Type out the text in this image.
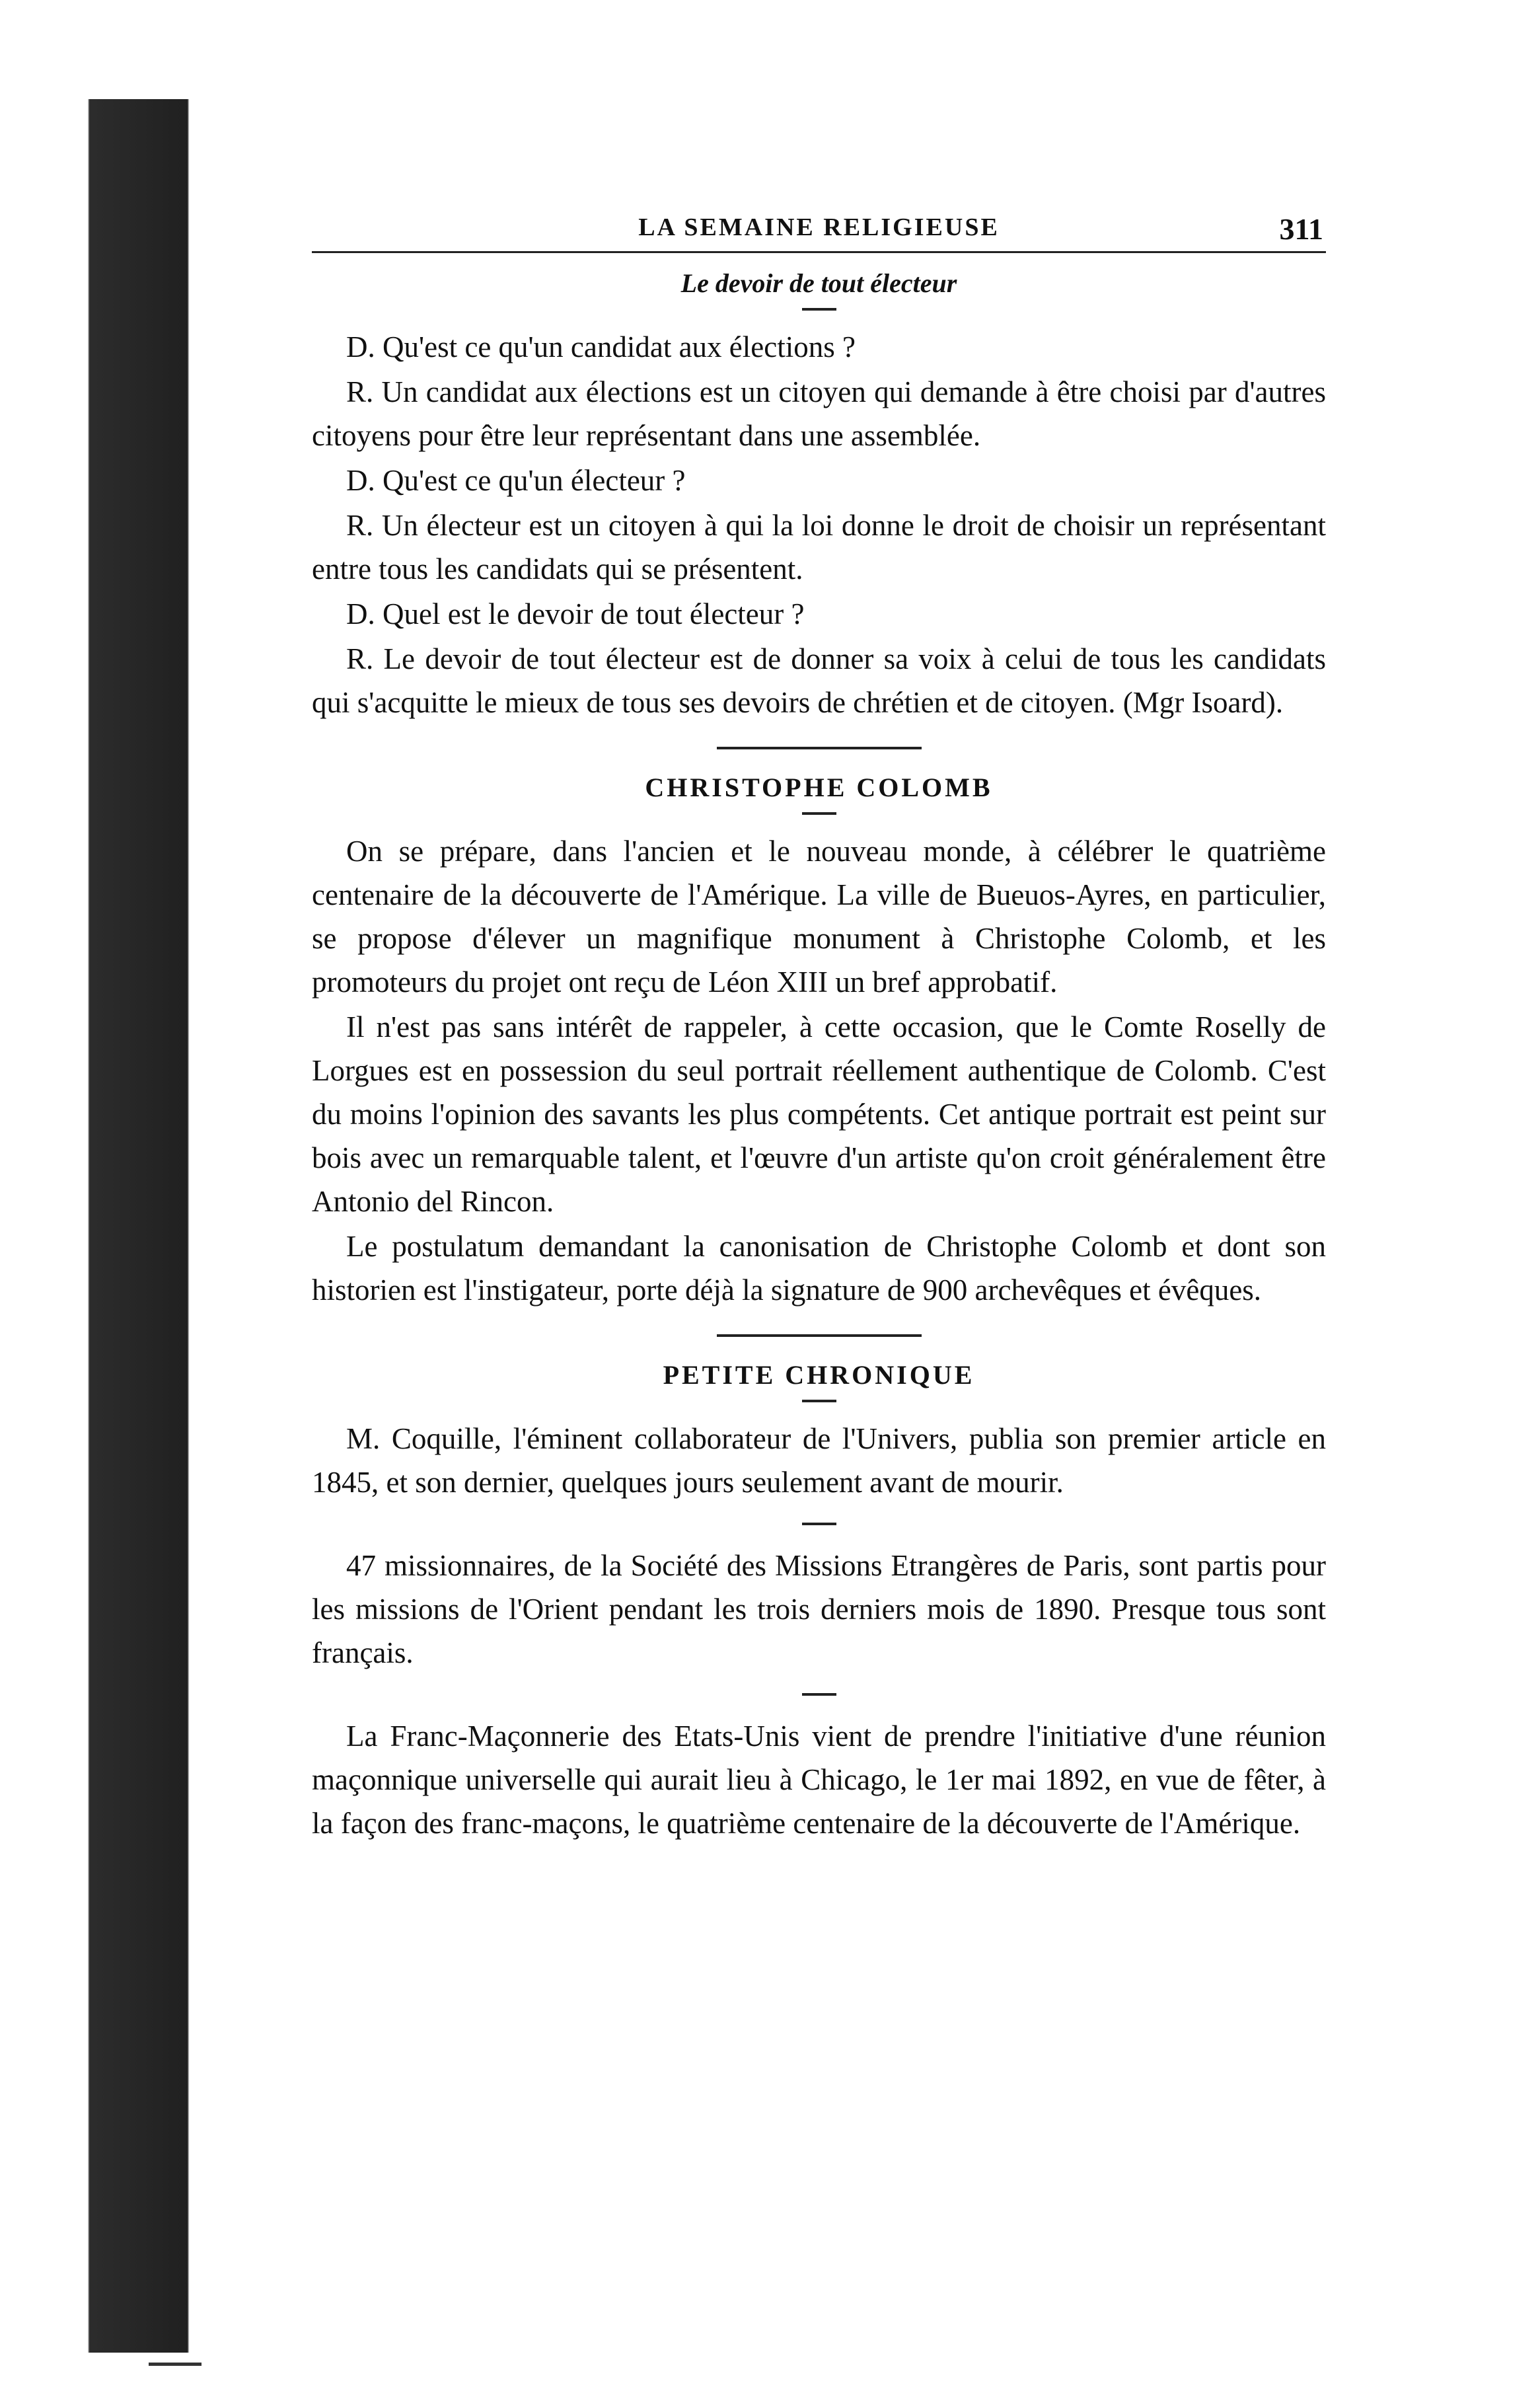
LA SEMAINE RELIGIEUSE	311
Le devoir de tout électeur

D. Qu'est ce qu'un candidat aux élections ?

R. Un candidat aux élections est un citoyen qui demande à être choisi par d'autres citoyens pour être leur représentant dans une assemblée.

D. Qu'est ce qu'un électeur ?

R. Un électeur est un citoyen à qui la loi donne le droit de choisir un représentant entre tous les candidats qui se présentent.

D. Quel est le devoir de tout électeur ?

R. Le devoir de tout électeur est de donner sa voix à celui de tous les candidats qui s'acquitte le mieux de tous ses devoirs de chrétien et de citoyen. (Mgr Isoard).

CHRISTOPHE COLOMB

On se prépare, dans l'ancien et le nouveau monde, à célébrer le quatrième centenaire de la découverte de l'Amérique. La ville de Bueuos-Ayres, en particulier, se propose d'élever un magnifique monument à Christophe Colomb, et les promoteurs du projet ont reçu de Léon XIII un bref approbatif.

Il n'est pas sans intérêt de rappeler, à cette occasion, que le Comte Roselly de Lorgues est en possession du seul portrait réellement authentique de Colomb. C'est du moins l'opinion des savants les plus compétents. Cet antique portrait est peint sur bois avec un remarquable talent, et l'œuvre d'un artiste qu'on croit généralement être Antonio del Rincon.

Le postulatum demandant la canonisation de Christophe Colomb et dont son historien est l'instigateur, porte déjà la signature de 900 archevêques et évêques.

PETITE CHRONIQUE

M. Coquille, l'éminent collaborateur de l'Univers, publia son premier article en 1845, et son dernier, quelques jours seulement avant de mourir.

47 missionnaires, de la Société des Missions Etrangères de Paris, sont partis pour les missions de l'Orient pendant les trois derniers mois de 1890. Presque tous sont français.

La Franc-Maçonnerie des Etats-Unis vient de prendre l'initiative d'une réunion maçonnique universelle qui aurait lieu à Chicago, le 1er mai 1892, en vue de fêter, à la façon des franc-maçons, le quatrième centenaire de la découverte de l'Amérique.
